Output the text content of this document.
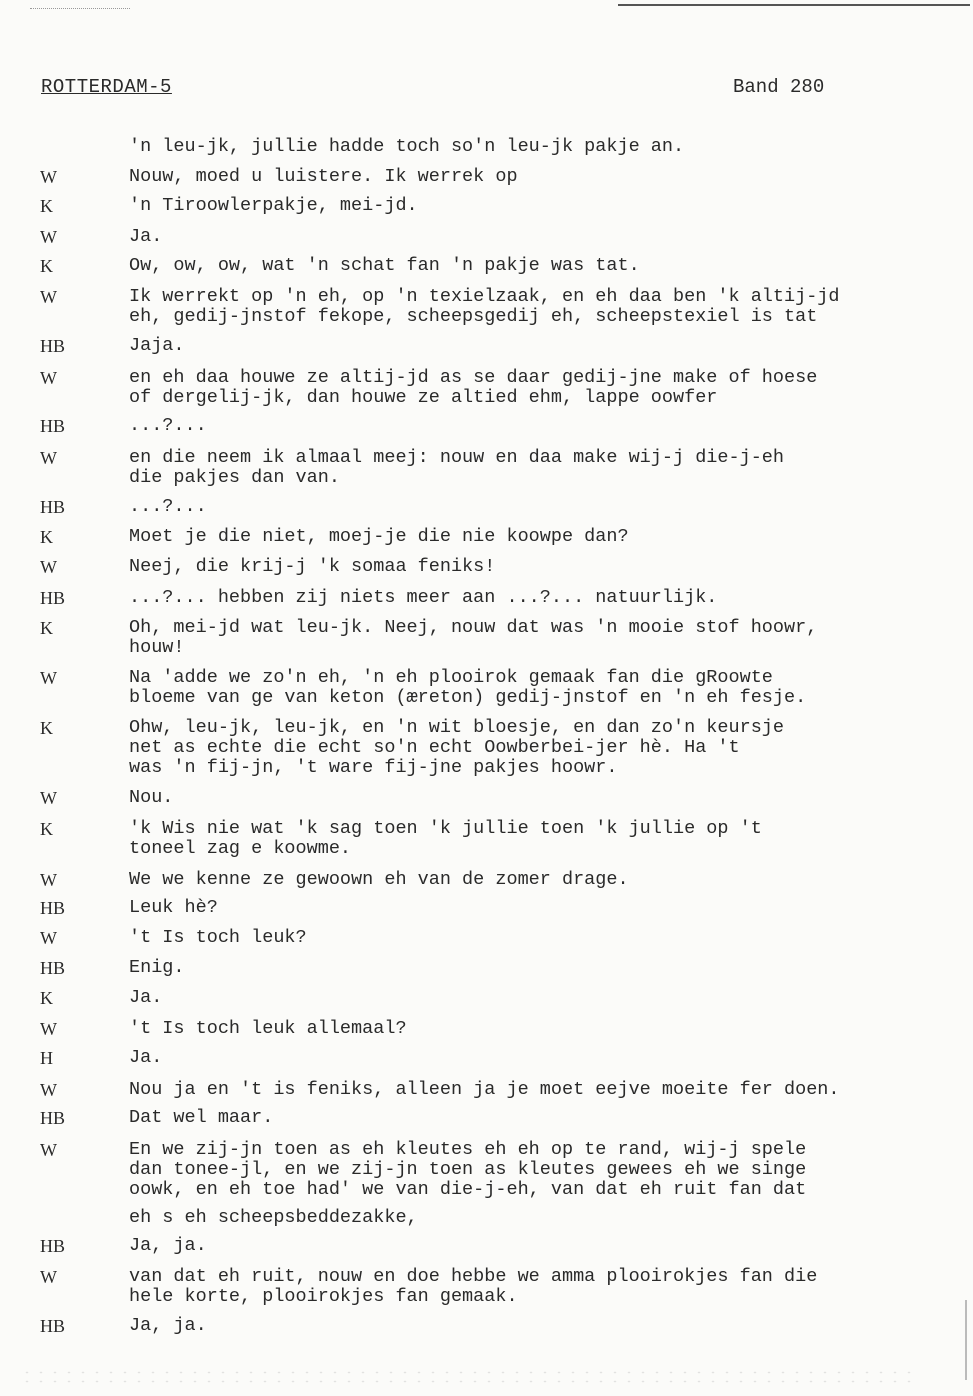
ROTTERDAM-5	Band 280
'n leu-jk, jullie hadde toch so'n leu-jk pakje an.
W	Nouw, moed u luistere. Ik werrek op
K	'n Tiroowlerpakje, mei-jd.
W	Ja.
K	Ow, ow, ow, wat 'n schat fan 'n pakje was tat.
W	Ik werrekt op 'n eh, op 'n texielzaak, en eh daa ben 'k altij-jd
eh, gedij-jnstof fekope, scheepsgedij eh, scheepstexiel is tat
HB	Jaja.
W	en eh daa houwe ze altij-jd as se daar gedij-jne make of hoese
of dergelij-jk, dan houwe ze altied ehm, lappe oowfer
HB	...?...
W	en die neem ik almaal meej: nouw en daa make wij-j die-j-eh
die pakjes dan van.
HB	...?...
K	Moet je die niet, moej-je die nie koowpe dan?
W	Neej, die krij-j 'k somaa feniks!
HB	...?... hebben zij niets meer aan ...?... natuurlijk.
K	Oh, mei-jd wat leu-jk. Neej, nouw dat was 'n mooie stof hoowr,
houw!
W	Na 'adde we zo'n eh, 'n eh plooirok gemaak fan die gRoowte
bloeme van ge van keton (æreton) gedij-jnstof en 'n eh fesje.
K	Ohw, leu-jk, leu-jk, en 'n wit bloesje, en dan zo'n keursje
net as echte die echt so'n echt Oowberbei-jer hè. Ha 't
was 'n fij-jn, 't ware fij-jne pakjes hoowr.
W	Nou.
K	'k Wis nie wat 'k sag toen 'k jullie toen 'k jullie op 't
toneel zag e koowme.
W	We we kenne ze gewoown eh van de zomer drage.
HB	Leuk hè?
W	't Is toch leuk?
HB	Enig.
K	Ja.
W	't Is toch leuk allemaal?
H	Ja.
W	Nou ja en 't is feniks, alleen ja je moet eejve moeite fer doen.
HB	Dat wel maar.
W	En we zij-jn toen as eh kleutes eh eh op te rand, wij-j spele
dan tonee-jl, en we zij-jn toen as kleutes gewees eh we singe
oowk, en eh toe had' we van die-j-eh, van dat eh ruit fan dat
eh s eh scheepsbeddezakke,
HB	Ja, ja.
W	van dat eh ruit, nouw en doe hebbe we amma plooirokjes fan die
hele korte, plooirokjes fan gemaak.
HB	Ja, ja.
